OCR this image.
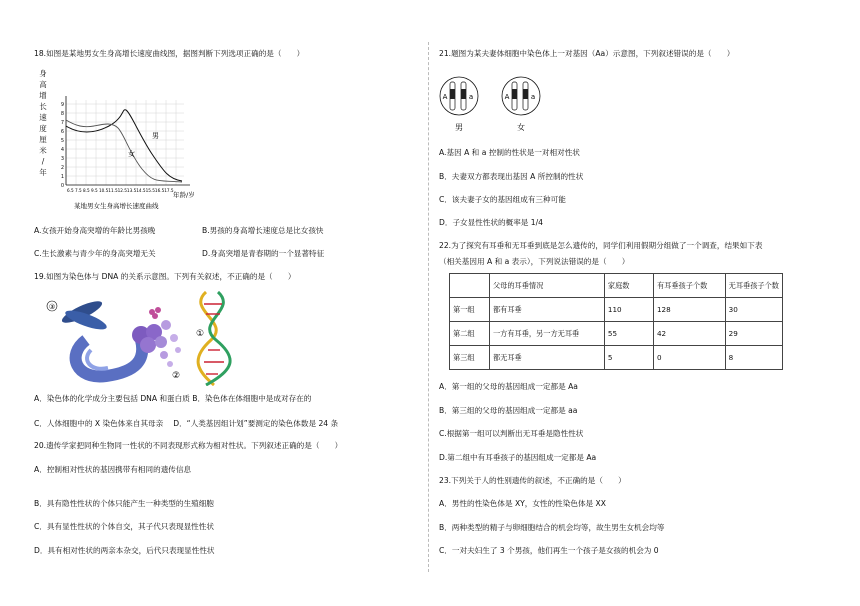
18.如图是某地男女生身高增长速度曲线图，据图判断下列选项正确的是（　　）
身
高
增
长
速
度
厘
米
/
年
9
8
7
6
5
4
3
2
1
0
男
女
6.5 7.5 8.5 9.5 10.511.512.513.514.515.516.517.5
年龄/岁
某地男女生身高增长速度曲线
A.女孩开始身高突增的年龄比男孩晚	B.男孩的身高增长速度总是比女孩快
C.生长激素与青少年的身高突增无关	D.身高突增是青春期的一个显著特征
19.如图为染色体与 DNA 的关系示意图。下列有关叙述，不正确的是（　　）
③
①
②
A．染色体的化学成分主要包括 DNA 和蛋白质 B．染色体在体细胞中是成对存在的
C．人体细胞中的 X 染色体来自其母亲　 D．“人类基因组计划”要测定的染色体数是 24 条
20.遗传学家把同种生物同一性状的不同表现形式称为相对性状。下列叙述正确的是（　　）
A．控制相对性状的基因携带有相同的遗传信息
B．具有隐性性状的个体只能产生一种类型的生殖细胞
C．具有显性性状的个体自交，其子代只表现显性性状
D．具有相对性状的两亲本杂交，后代只表现显性性状
21.题图为某夫妻体细胞中染色体上一对基因（Aa）示意图，下列叙述错误的是（　　）
A	a
男
A	a
女
A.基因 A 和 a 控制的性状是一对相对性状
B．夫妻双方都表现出基因 A 所控制的性状
C．该夫妻子女的基因组成有三种可能
D．子女显性性状的概率是 1/4
22.为了探究有耳垂和无耳垂到底是怎么遗传的，同学们利用假期分组做了一个调查，结果如下表
（相关基因用 A 和 a 表示），下列说法错误的是（　　）
	父母的耳垂情况	家庭数	有耳垂孩子个数	无耳垂孩子个数
第一组	都有耳垂	110	128	30
第二组	一方有耳垂，另一方无耳垂	55	42	29
第三组	都无耳垂	5	0	8
A．第一组的父母的基因组成一定都是 Aa
B．第三组的父母的基因组成一定都是 aa
C.根据第一组可以判断出无耳垂是隐性性状
D.第二组中有耳垂孩子的基因组成一定都是 Aa
23.下列关于人的性别遗传的叙述，不正确的是（　　）
A．男性的性染色体是 XY，女性的性染色体是 XX
B．两种类型的精子与卵细胞结合的机会均等，故生男生女机会均等
C．一对夫妇生了 3 个男孩，他们再生一个孩子是女孩的机会为 0
